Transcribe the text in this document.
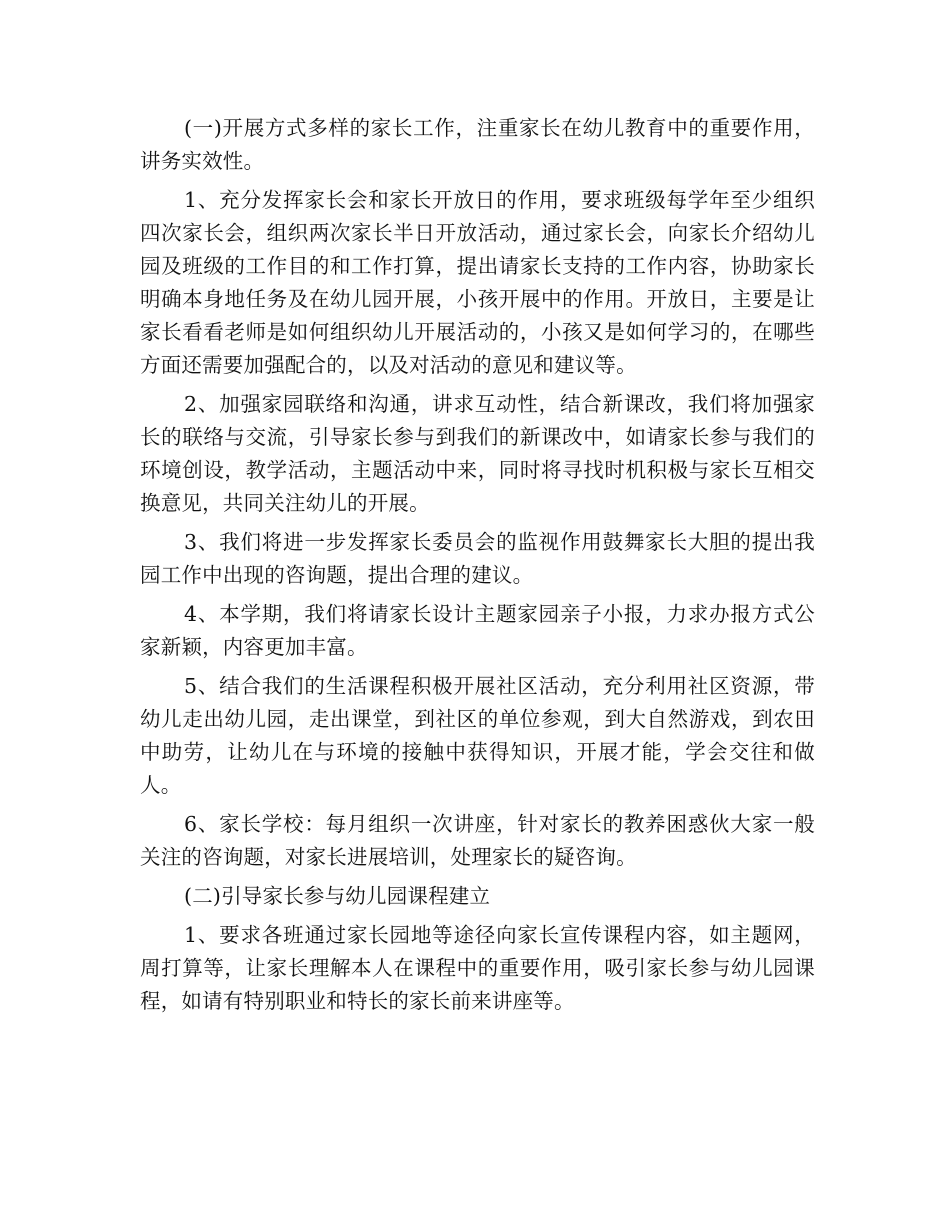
(一)开展方式多样的家长工作，注重家长在幼儿教育中的重要作用，讲务实效性。

1、充分发挥家长会和家长开放日的作用，要求班级每学年至少组织四次家长会，组织两次家长半日开放活动，通过家长会，向家长介绍幼儿园及班级的工作目的和工作打算，提出请家长支持的工作内容，协助家长明确本身地任务及在幼儿园开展，小孩开展中的作用。开放日，主要是让家长看看老师是如何组织幼儿开展活动的，小孩又是如何学习的，在哪些方面还需要加强配合的，以及对活动的意见和建议等。

2、加强家园联络和沟通，讲求互动性，结合新课改，我们将加强家长的联络与交流，引导家长参与到我们的新课改中，如请家长参与我们的环境创设，教学活动，主题活动中来，同时将寻找时机积极与家长互相交换意见，共同关注幼儿的开展。

3、我们将进一步发挥家长委员会的监视作用鼓舞家长大胆的提出我园工作中出现的咨询题，提出合理的建议。

4、本学期，我们将请家长设计主题家园亲子小报，力求办报方式公家新颖，内容更加丰富。

5、结合我们的生活课程积极开展社区活动，充分利用社区资源，带幼儿走出幼儿园，走出课堂，到社区的单位参观，到大自然游戏，到农田中助劳，让幼儿在与环境的接触中获得知识，开展才能，学会交往和做人。

6、家长学校：每月组织一次讲座，针对家长的教养困惑伙大家一般关注的咨询题，对家长进展培训，处理家长的疑咨询。

(二)引导家长参与幼儿园课程建立

1、要求各班通过家长园地等途径向家长宣传课程内容，如主题网，周打算等，让家长理解本人在课程中的重要作用，吸引家长参与幼儿园课程，如请有特别职业和特长的家长前来讲座等。
